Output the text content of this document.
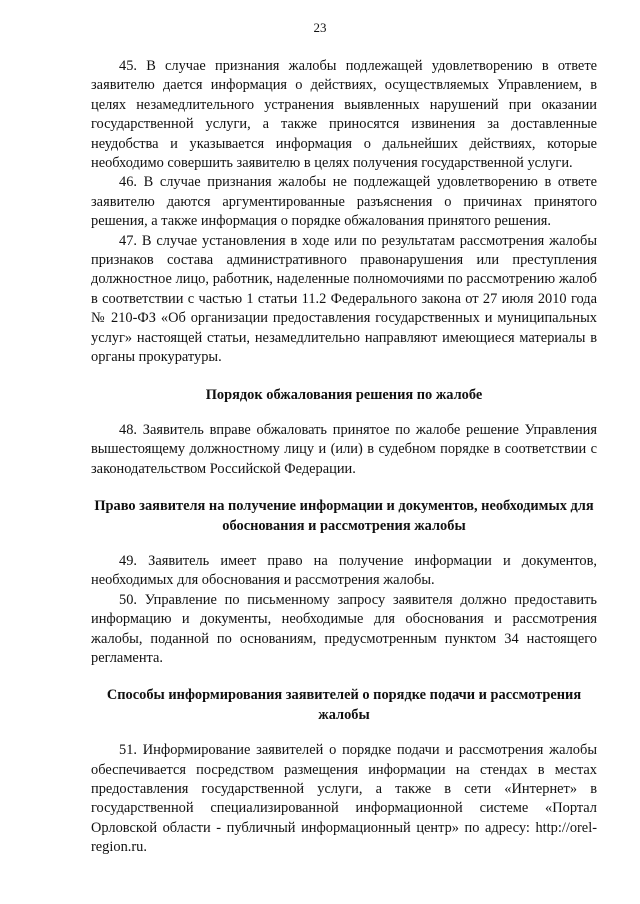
23

45. В случае признания жалобы подлежащей удовлетворению в ответе заявителю дается информация о действиях, осуществляемых Управлением, в целях незамедлительного устранения выявленных нарушений при оказании государственной услуги, а также приносятся извинения за доставленные неудобства и указывается информация о дальнейших действиях, которые необходимо совершить заявителю в целях получения государственной услуги.

46. В случае признания жалобы не подлежащей удовлетворению в ответе заявителю даются аргументированные разъяснения о причинах принятого решения, а также информация о порядке обжалования принятого решения.

47. В случае установления в ходе или по результатам рассмотрения жалобы признаков состава административного правонарушения или преступления должностное лицо, работник, наделенные полномочиями по рассмотрению жалоб в соответствии с частью 1 статьи 11.2 Федерального закона от 27 июля 2010 года № 210-ФЗ «Об организации предоставления государственных и муниципальных услуг» настоящей статьи, незамедлительно направляют имеющиеся материалы в органы прокуратуры.

Порядок обжалования решения по жалобе

48. Заявитель вправе обжаловать принятое по жалобе решение Управления вышестоящему должностному лицу и (или) в судебном порядке в соответствии с законодательством Российской Федерации.

Право заявителя на получение информации и документов, необходимых для обоснования и рассмотрения жалобы

49. Заявитель имеет право на получение информации и документов, необходимых для обоснования и рассмотрения жалобы.

50. Управление по письменному запросу заявителя должно предоставить информацию и документы, необходимые для обоснования и рассмотрения жалобы, поданной по основаниям, предусмотренным пунктом 34 настоящего регламента.

Способы информирования заявителей о порядке подачи и рассмотрения жалобы

51. Информирование заявителей о порядке подачи и рассмотрения жалобы обеспечивается посредством размещения информации на стендах в местах предоставления государственной услуги, а также в сети «Интернет» в государственной специализированной информационной системе «Портал Орловской области - публичный информационный центр» по адресу: http://orel-region.ru.
